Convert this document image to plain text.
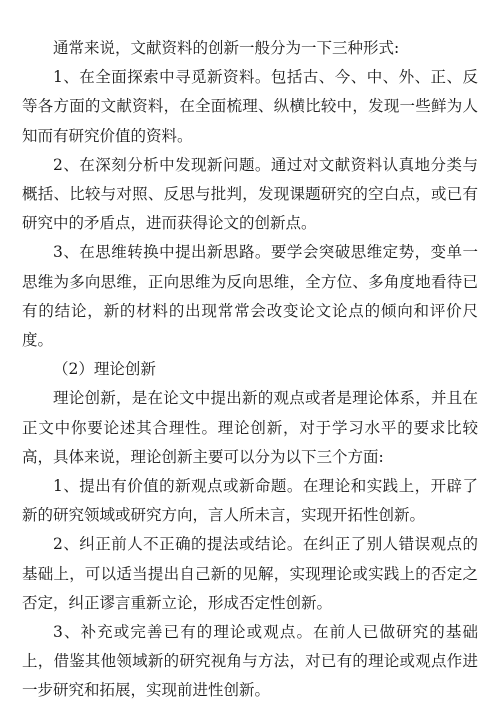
通常来说，文献资料的创新一般分为一下三种形式:

1、在全面探索中寻觅新资料。包括古、今、中、外、正、反等各方面的文献资料，在全面梳理、纵横比较中，发现一些鲜为人知而有研究价值的资料。

2、在深刻分析中发现新问题。通过对文献资料认真地分类与概括、比较与对照、反思与批判，发现课题研究的空白点，或已有研究中的矛盾点，进而获得论文的创新点。

3、在思维转换中提出新思路。要学会突破思维定势，变单一思维为多向思维，正向思维为反向思维，全方位、多角度地看待已有的结论，新的材料的出现常常会改变论文论点的倾向和评价尺度。

（2）理论创新

理论创新，是在论文中提出新的观点或者是理论体系，并且在正文中你要论述其合理性。理论创新，对于学习水平的要求比较高，具体来说，理论创新主要可以分为以下三个方面:

1、提出有价值的新观点或新命题。在理论和实践上，开辟了新的研究领域或研究方向，言人所未言，实现开拓性创新。

2、纠正前人不正确的提法或结论。在纠正了别人错误观点的基础上，可以适当提出自己新的见解，实现理论或实践上的否定之否定，纠正谬言重新立论，形成否定性创新。

3、补充或完善已有的理论或观点。在前人已做研究的基础上，借鉴其他领域新的研究视角与方法，对已有的理论或观点作进一步研究和拓展，实现前进性创新。
